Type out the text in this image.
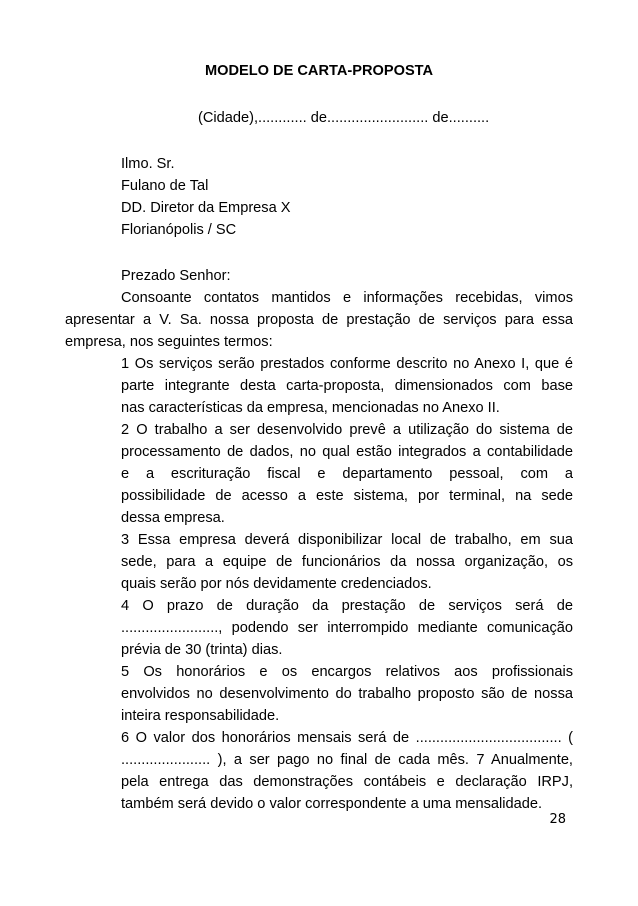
MODELO DE CARTA-PROPOSTA
(Cidade),............ de......................... de..........
Ilmo. Sr.
Fulano de Tal
DD. Diretor da Empresa X
Florianópolis / SC
Prezado Senhor:
Consoante contatos mantidos e informações recebidas, vimos
apresentar a V. Sa. nossa proposta de prestação de serviços para essa
empresa, nos seguintes termos:
1 Os serviços serão prestados conforme descrito no Anexo I, que é
parte integrante desta carta-proposta, dimensionados com base
nas características da empresa, mencionadas no Anexo II.
2 O trabalho a ser desenvolvido prevê a utilização do sistema de
processamento de dados, no qual estão integrados a contabilidade
e a escrituração fiscal e departamento pessoal, com a
possibilidade de acesso a este sistema, por terminal, na sede
dessa empresa.
3 Essa empresa deverá disponibilizar local de trabalho, em sua
sede, para a equipe de funcionários da nossa organização, os
quais serão por nós devidamente credenciados.
4 O prazo de duração da prestação de serviços será de
........................, podendo ser interrompido mediante comunicação
prévia de 30 (trinta) dias.
5 Os honorários e os encargos relativos aos profissionais
envolvidos no desenvolvimento do trabalho proposto são de nossa
inteira responsabilidade.
6 O valor dos honorários mensais será de .................................... (
...................... ), a ser pago no final de cada mês. 7 Anualmente,
pela entrega das demonstrações contábeis e declaração IRPJ,
também será devido o valor correspondente a uma mensalidade.
28
